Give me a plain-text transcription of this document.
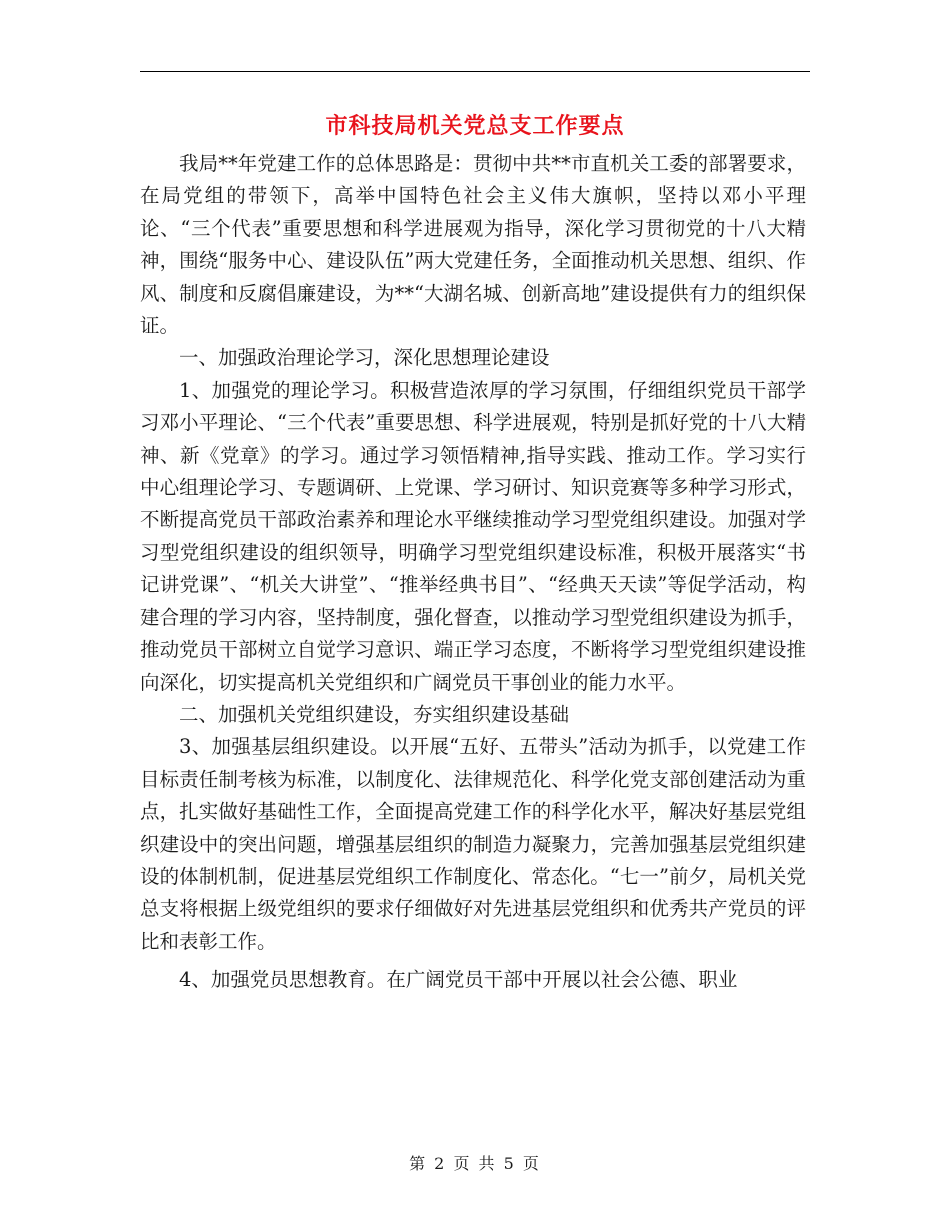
市科技局机关党总支工作要点

我局**年党建工作的总体思路是：贯彻中共**市直机关工委的部署要求，在局党组的带领下，高举中国特色社会主义伟大旗帜，坚持以邓小平理论、“三个代表”重要思想和科学进展观为指导，深化学习贯彻党的十八大精神，围绕“服务中心、建设队伍”两大党建任务，全面推动机关思想、组织、作风、制度和反腐倡廉建设，为**“大湖名城、创新高地”建设提供有力的组织保证。

一、加强政治理论学习，深化思想理论建设

1、加强党的理论学习。积极营造浓厚的学习氛围，仔细组织党员干部学习邓小平理论、“三个代表”重要思想、科学进展观，特别是抓好党的十八大精神、新《党章》的学习。通过学习领悟精神,指导实践、推动工作。学习实行中心组理论学习、专题调研、上党课、学习研讨、知识竞赛等多种学习形式，不断提高党员干部政治素养和理论水平继续推动学习型党组织建设。加强对学习型党组织建设的组织领导，明确学习型党组织建设标准，积极开展落实“书记讲党课”、“机关大讲堂”、“推举经典书目”、“经典天天读”等促学活动，构建合理的学习内容，坚持制度，强化督查，以推动学习型党组织建设为抓手，推动党员干部树立自觉学习意识、端正学习态度，不断将学习型党组织建设推向深化，切实提高机关党组织和广阔党员干事创业的能力水平。

二、加强机关党组织建设，夯实组织建设基础

3、加强基层组织建设。以开展“五好、五带头”活动为抓手，以党建工作目标责任制考核为标准，以制度化、法律规范化、科学化党支部创建活动为重点，扎实做好基础性工作，全面提高党建工作的科学化水平，解决好基层党组织建设中的突出问题，增强基层组织的制造力凝聚力，完善加强基层党组织建设的体制机制，促进基层党组织工作制度化、常态化。“七一”前夕，局机关党总支将根据上级党组织的要求仔细做好对先进基层党组织和优秀共产党员的评比和表彰工作。

4、加强党员思想教育。在广阔党员干部中开展以社会公德、职业

第 2 页 共 5 页
